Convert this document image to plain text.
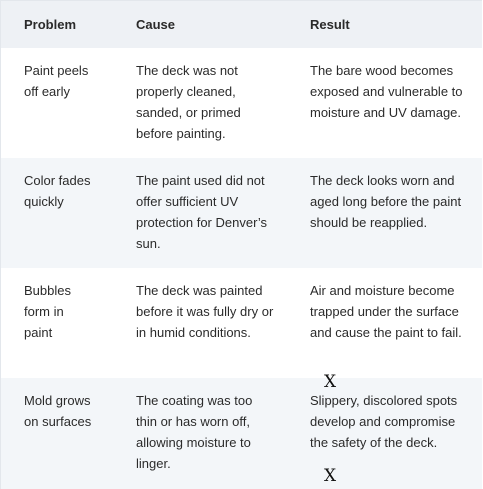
Problem	Cause	Result
Paint peels off early
The deck was not properly cleaned, sanded, or primed before painting.
The bare wood becomes exposed and vulnerable to moisture and UV damage.
Color fades quickly
The paint used did not offer sufficient UV protection for Denver’s sun.
The deck looks worn and aged long before the paint should be reapplied.
Bubbles form in paint
The deck was painted before it was fully dry or in humid conditions.
Air and moisture become trapped under the surface and cause the paint to fail.
Mold grows on surfaces
The coating was too thin or has worn off, allowing moisture to linger.
Slippery, discolored spots develop and compromise the safety of the deck.
X
X
